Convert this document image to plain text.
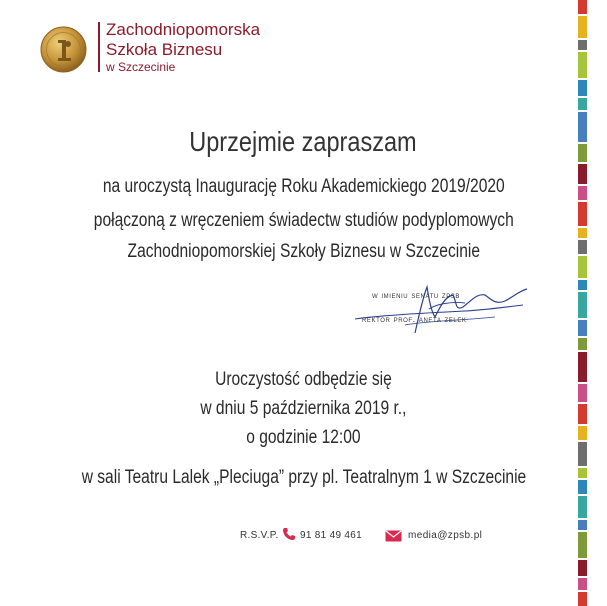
Zachodniopomorska
Szkoła Biznesu
w Szczecinie
Uprzejmie zapraszam
na uroczystą Inaugurację Roku Akademickiego 2019/2020
połączoną z wręczeniem świadectw studiów podyplomowych
Zachodniopomorskiej Szkoły Biznesu w Szczecinie
w imieniu senatu zpsb
rektor prof. aneta zelek
Uroczystość odbędzie się
w dniu 5 października 2019 r.,
o godzinie 12:00
w sali Teatru Lalek „Pleciuga” przy pl. Teatralnym 1 w Szczecinie
R.S.V.P. 91 81 49 461	media@zpsb.pl
